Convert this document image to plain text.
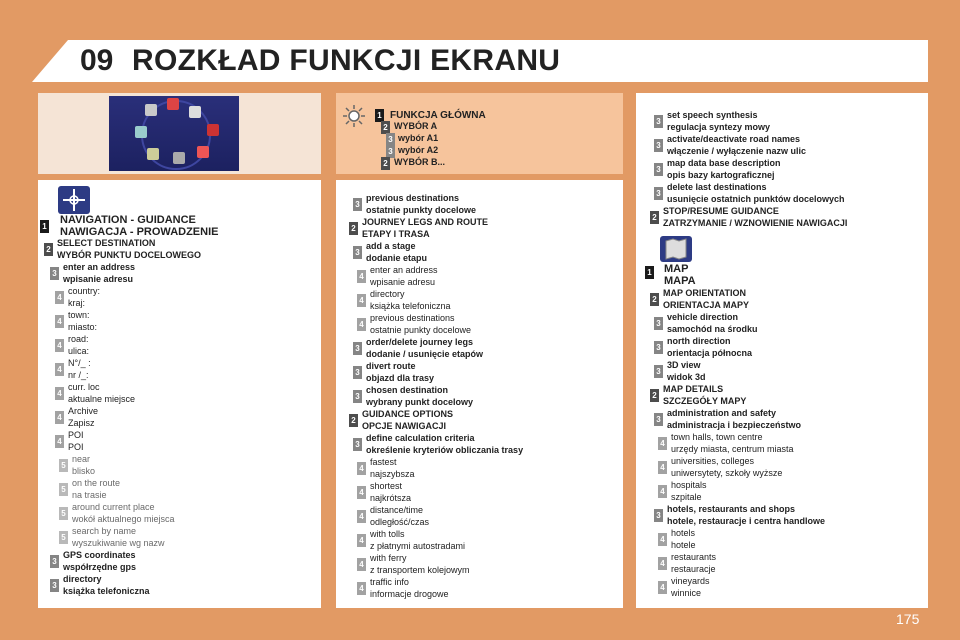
09 ROZKŁAD FUNKCJI EKRANU
1 FUNKCJA GŁÓWNA
2 WYBÓR A
3 wybór A1
3 wybór A2
2 WYBÓR B...
1
NAVIGATION - GUIDANCE
NAWIGACJA - PROWADZENIE
2
SELECT DESTINATION
WYBÓR PUNKTU DOCELOWEGO
3
enter an address
wpisanie adresu
4
country:
kraj:
4
town:
miasto:
4
road:
ulica:
4
N°/_ :
nr /_:
4
curr. loc
aktualne miejsce
4
Archive
Zapisz
4
POI
POI
5
near
blisko
5
on the route
na trasie
5
around current place
wokół aktualnego miejsca
5
search by name
wyszukiwanie wg nazw
3
GPS coordinates
współrzędne gps
3
directory
książka telefoniczna
3
previous destinations
ostatnie punkty docelowe
2
JOURNEY LEGS AND ROUTE
ETAPY I TRASA
3
add a stage
dodanie etapu
4
enter an address
wpisanie adresu
4
directory
książka telefoniczna
4
previous destinations
ostatnie punkty docelowe
3
order/delete journey legs
dodanie / usunięcie etapów
3
divert route
objazd dla trasy
3
chosen destination
wybrany punkt docelowy
2
GUIDANCE OPTIONS
OPCJE NAWIGACJI
3
define calculation criteria
określenie kryteriów obliczania trasy
4
fastest
najszybsza
4
shortest
najkrótsza
4
distance/time
odległość/czas
4
with tolls
z płatnymi autostradami
4
with ferry
z transportem kolejowym
4
traffic info
informacje drogowe
3
set speech synthesis
regulacja syntezy mowy
3
activate/deactivate road names
włączenie / wyłączenie nazw ulic
3
map data base description
opis bazy kartograficznej
3
delete last destinations
usunięcie ostatnich punktów docelowych
2
STOP/RESUME GUIDANCE
ZATRZYMANIE / WZNOWIENIE NAWIGACJI
1 MAP
MAPA
2
MAP ORIENTATION
ORIENTACJA MAPY
3
vehicle direction
samochód na środku
3
north direction
orientacja północna
3
3D view
widok 3d
2
MAP DETAILS
SZCZEGÓŁY MAPY
3
administration and safety
administracja i bezpieczeństwo
4
town halls, town centre
urzędy miasta, centrum miasta
4
universities, colleges
uniwersytety, szkoły wyższe
4
hospitals
szpitale
3
hotels, restaurants and shops
hotele, restauracje i centra handlowe
4
hotels
hotele
4
restaurants
restauracje
4
vineyards
winnice
175
